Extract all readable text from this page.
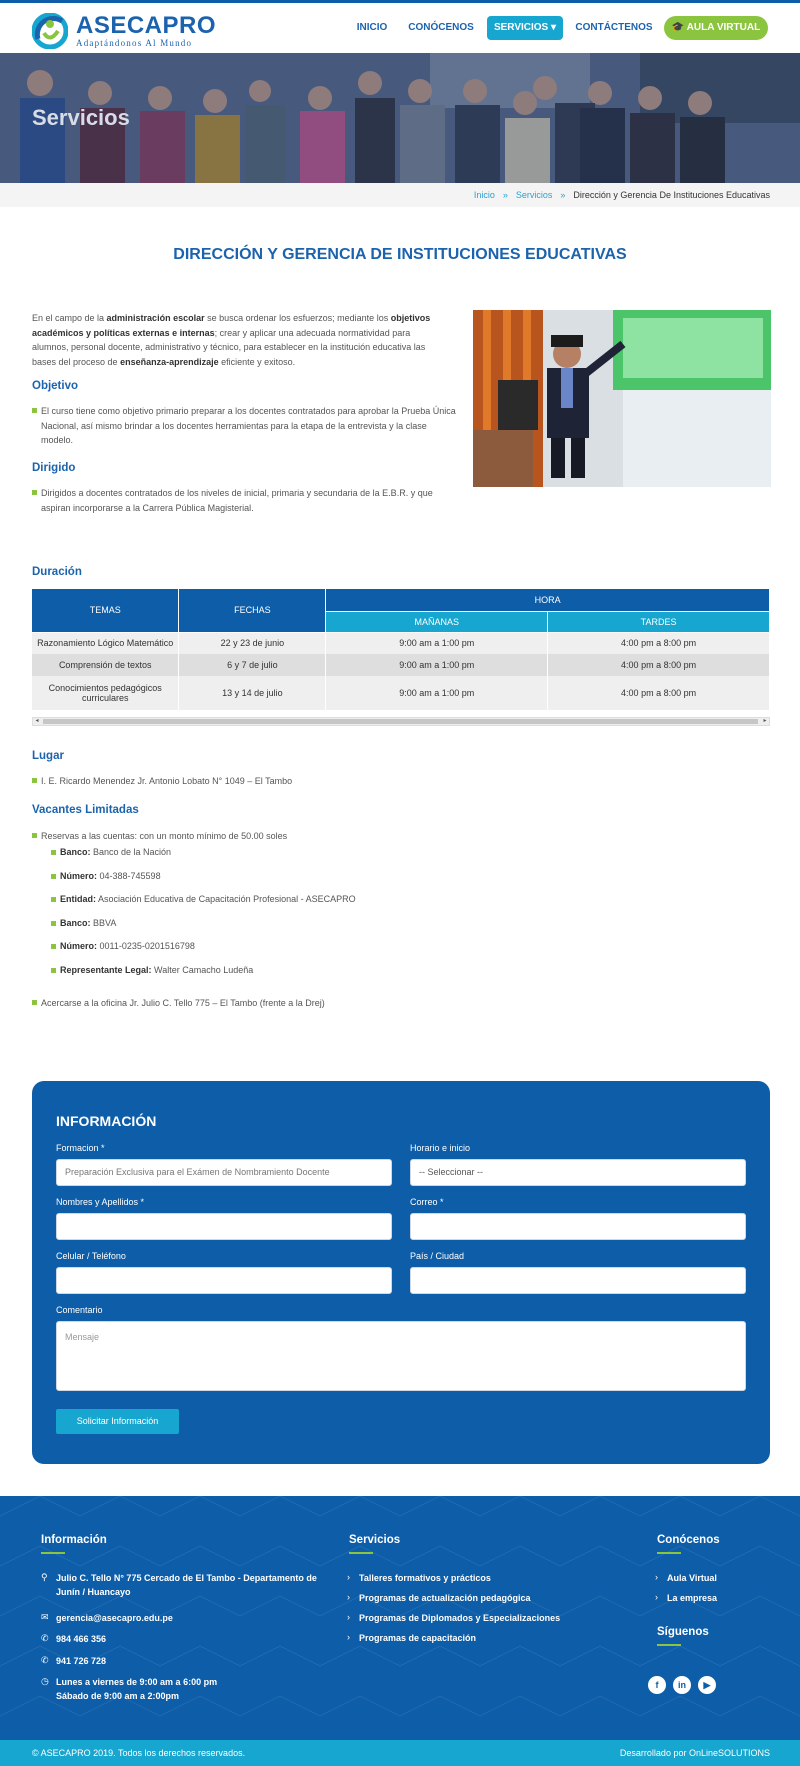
ASECAPRO
Adaptándonos Al Mundo
INICIO	CONÓCENOS	SERVICIOS ▾	CONTÁCTENOS	🎓 AULA VIRTUAL
Servicios
Inicio » Servicios » Dirección y Gerencia De Instituciones Educativas
DIRECCIÓN Y GERENCIA DE INSTITUCIONES EDUCATIVAS
En el campo de la administración escolar se busca ordenar los esfuerzos; mediante los objetivos académicos y políticas externas e internas; crear y aplicar una adecuada normatividad para alumnos, personal docente, administrativo y técnico, para establecer en la institución educativa las bases del proceso de enseñanza-aprendizaje eficiente y exitoso.
Objetivo
El curso tiene como objetivo primario preparar a los docentes contratados para aprobar la Prueba Única Nacional, así mismo brindar a los docentes herramientas para la etapa de la entrevista y la clase modelo.
Dirigido
Dirigidos a docentes contratados de los niveles de inicial, primaria y secundaria de la E.B.R. y que aspiran incorporarse a la Carrera Pública Magisterial.
Duración
TEMAS	FECHAS	HORA	
		MAÑANAS	TARDES
Razonamiento Lógico Matemático	22 y 23 de junio	9:00 am a 1:00 pm	4:00 pm a 8:00 pm
Comprensión de textos	6 y 7 de julio	9:00 am a 1:00 pm	4:00 pm a 8:00 pm
Conocimientos pedagógicos curriculares	13 y 14 de julio	9:00 am a 1:00 pm	4:00 pm a 8:00 pm
◂	▸
Lugar
I. E. Ricardo Menendez Jr. Antonio Lobato N° 1049 – El Tambo
Vacantes Limitadas
Reservas a las cuentas: con un monto mínimo de 50.00 soles
Banco: Banco de la Nación
Número: 04-388-745598
Entidad: Asociación Educativa de Capacitación Profesional - ASECAPRO
Banco: BBVA
Número: 0011-0235-0201516798
Representante Legal: Walter Camacho Ludeña
Acercarse a la oficina Jr. Julio C. Tello 775 – El Tambo (frente a la Drej)
INFORMACIÓN
Formacion *
Preparación Exclusiva para el Exámen de Nombramiento Docente
Horario e inicio
-- Seleccionar --
Nombres y Apellidos *	Correo *
Celular / Teléfono	País / Ciudad
Comentario
Mensaje
Solicitar Información
Información
⚲ Julio C. Tello N° 775 Cercado de El Tambo - Departamento de Junín / Huancayo
✉ gerencia@asecapro.edu.pe
✆ 984 466 356
✆ 941 726 728
◷ Lunes a viernes de 9:00 am a 6:00 pm
Sábado de 9:00 am a 2:00pm
Servicios
› Talleres formativos y prácticos
› Programas de actualización pedagógica
› Programas de Diplomados y Especializaciones
› Programas de capacitación
Conócenos
› Aula Virtual
› La empresa
Síguenos
f	in	▶
© ASECAPRO 2019. Todos los derechos reservados.	Desarrollado por OnLineSOLUTIONS
